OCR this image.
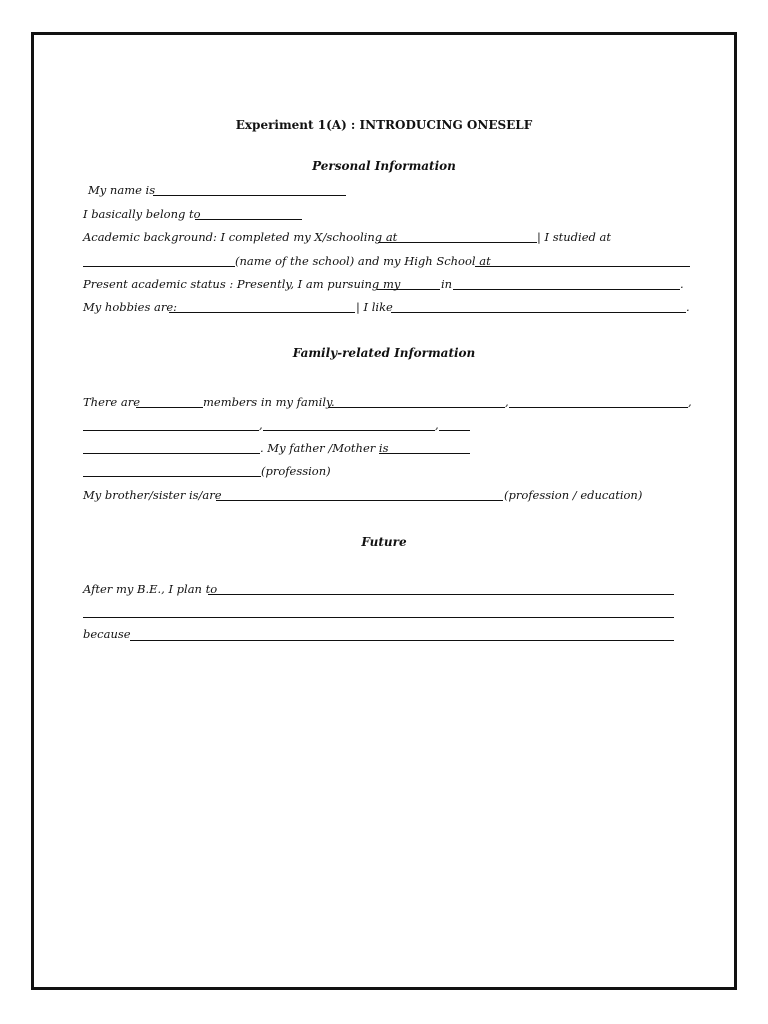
Experiment 1(A) : INTRODUCING ONESELF
Personal Information
My name is
I basically belong to
Academic background: I completed my X/schooling at	| I studied at
(name of the school) and my High School at
Present academic status : Presently, I am pursuing my	in	.
My hobbies are:	| I like	.
Family-related Information
There are	members in my family.	,	,
,	,
. My father /Mother is
(profession)
My brother/sister is/are	(profession / education)
Future
After my B.E., I plan to
because
